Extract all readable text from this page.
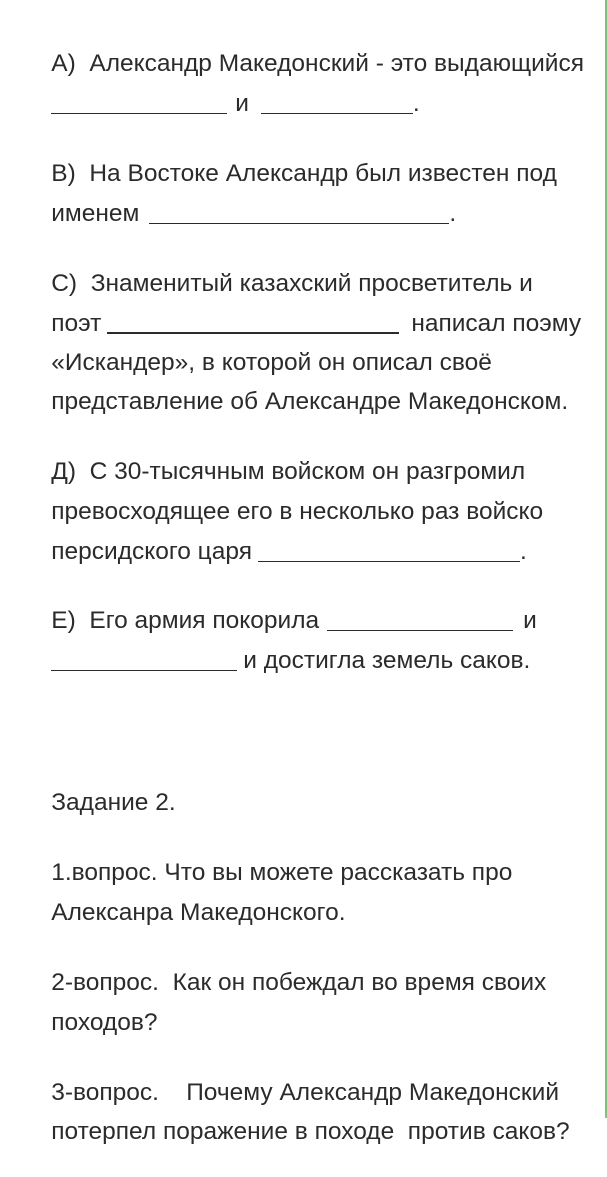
А)  Александр Македонский - это выдающийся

и	.

В)  На Востоке Александр был известен под

именем	.

С)  Знаменитый казахский просветитель и

поэт	написал поэму

«Искандер», в которой он описал своё

представление об Александре Македонском.

Д)  С 30-тысячным войском он разгромил

превосходящее его в несколько раз войско

персидского царя	.

Е)  Его армия покорила	и

и достигла земель саков.

Задание 2.

1.вопрос. Что вы можете рассказать про

Алексанра Македонского.

2-вопрос.  Как он побеждал во время своих

походов?

3-вопрос.    Почему Александр Македонский

потерпел поражение в походе  против саков?
